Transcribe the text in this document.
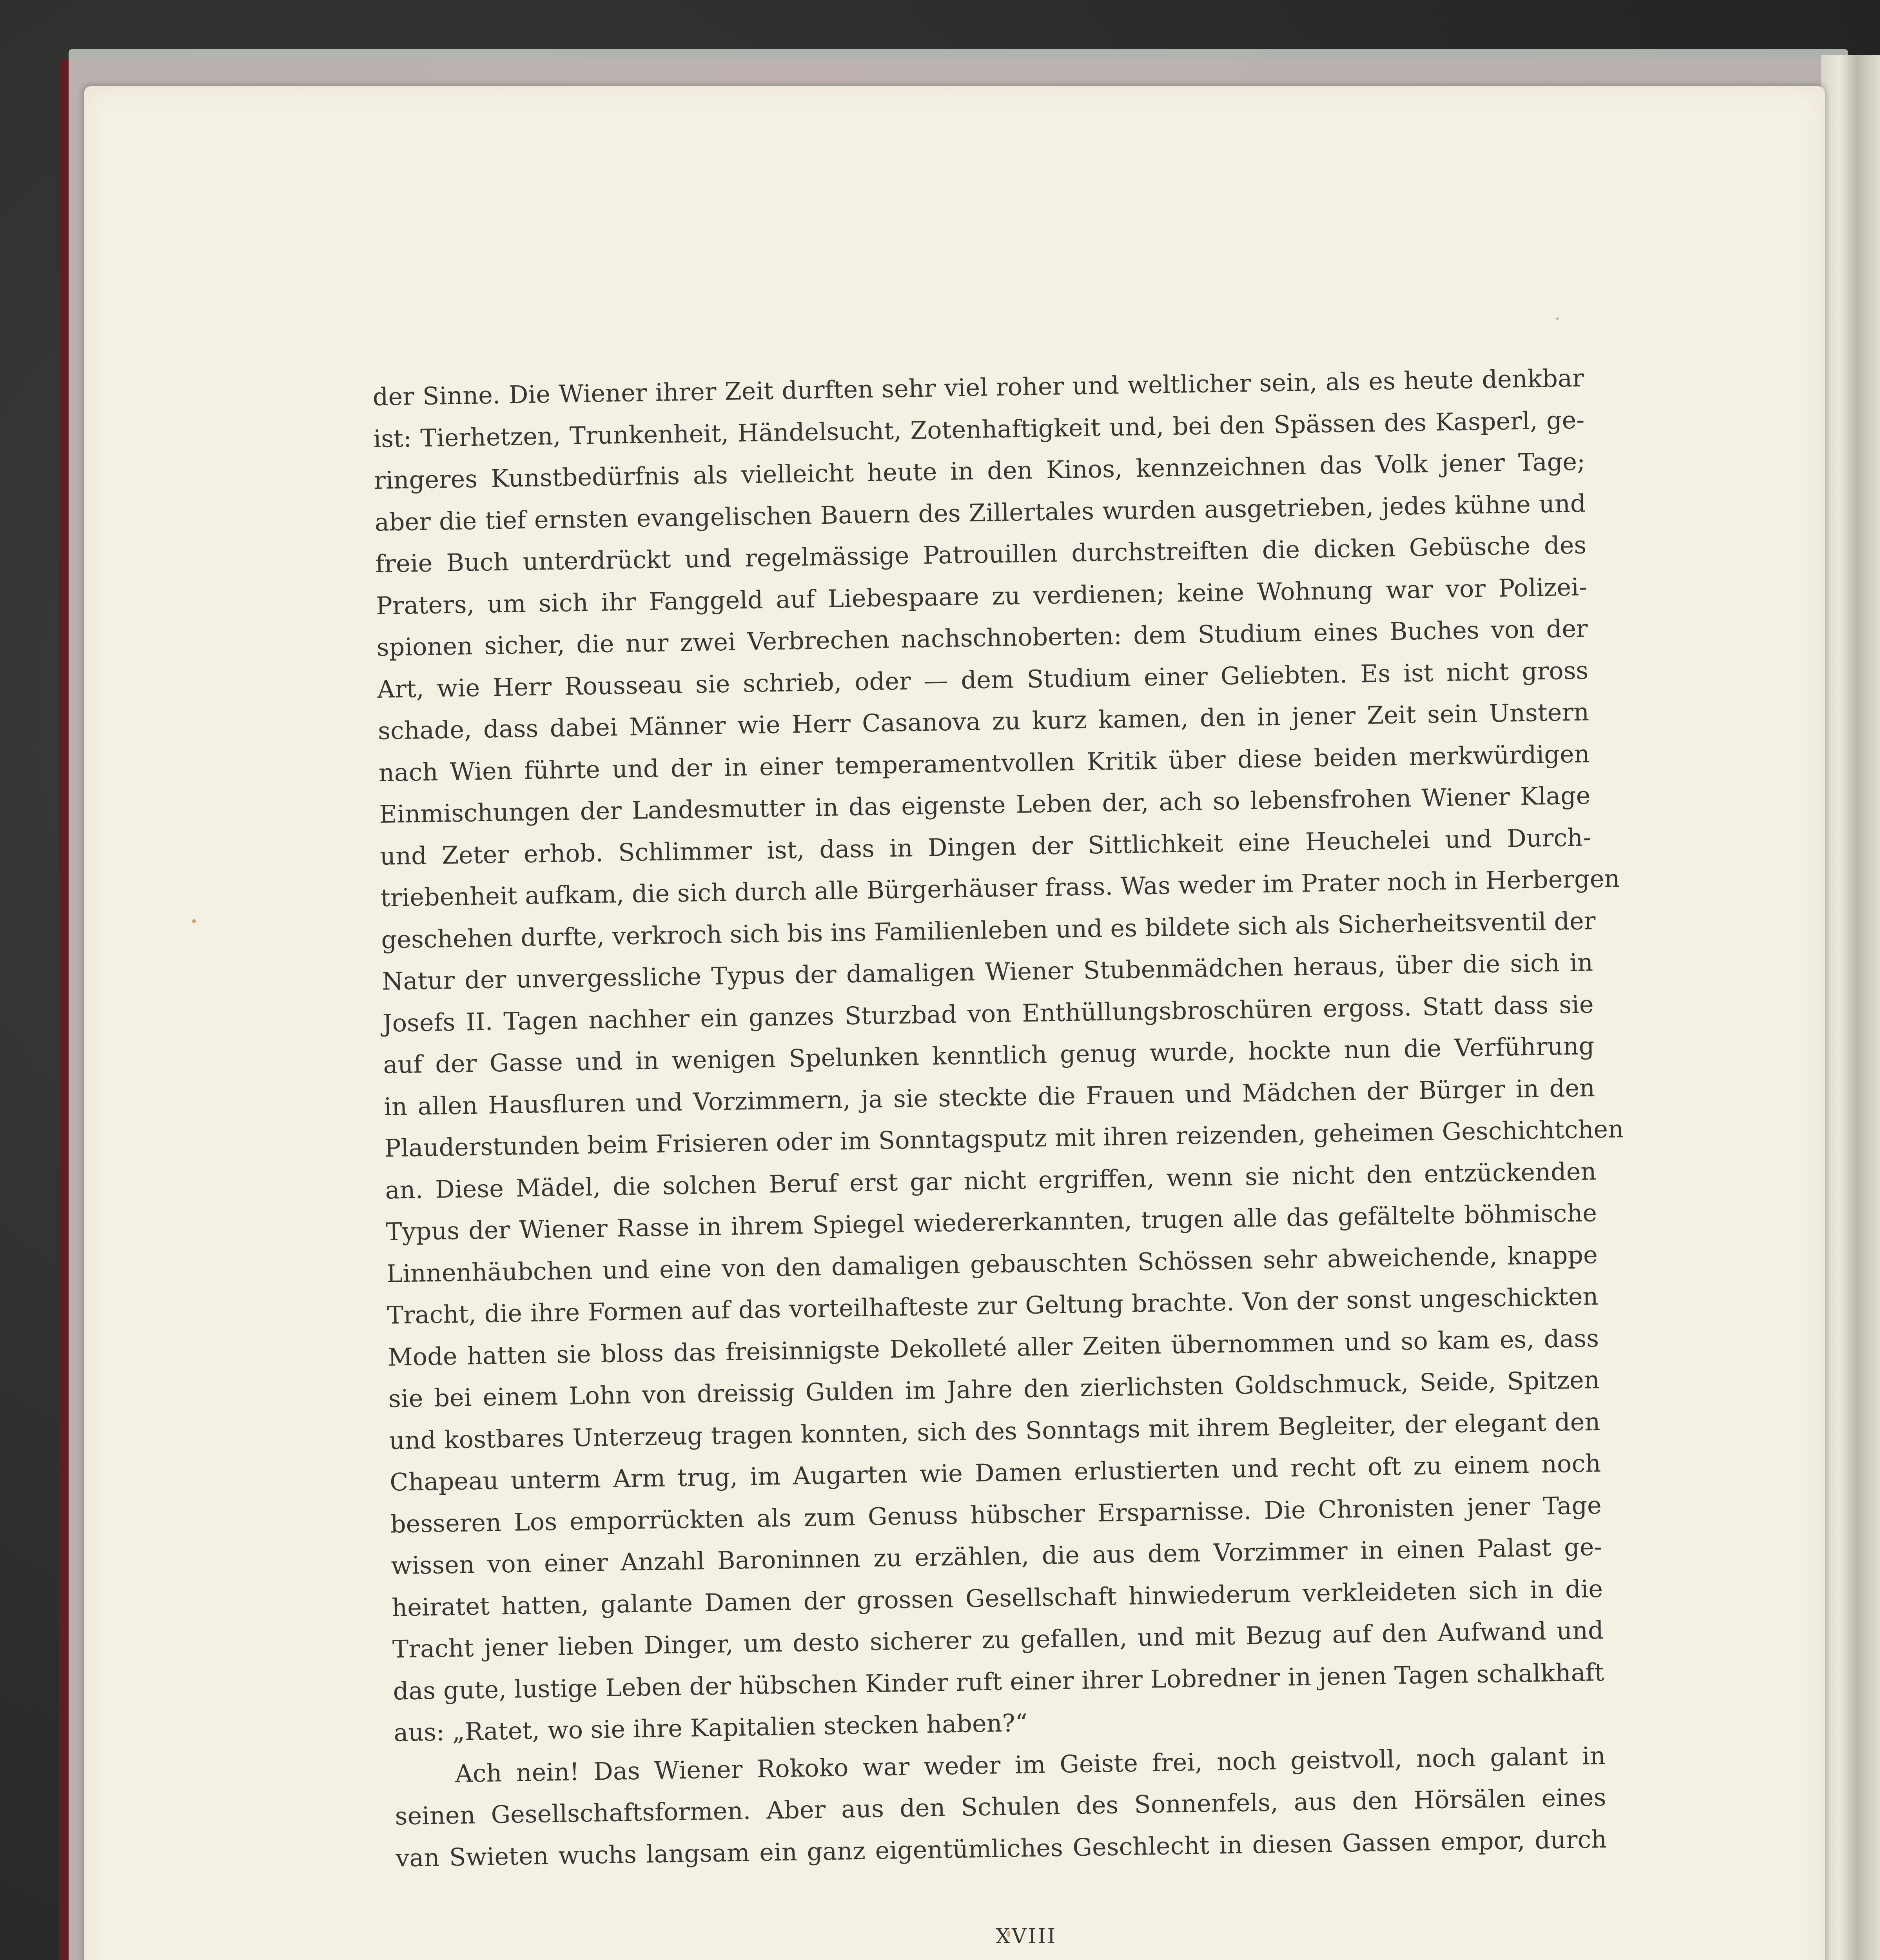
der Sinne. Die Wiener ihrer Zeit durften sehr viel roher und weltlicher sein, als es heute denkbar
ist: Tierhetzen, Trunkenheit, Händelsucht, Zotenhaftigkeit und, bei den Spässen des Kasperl, ge-
ringeres Kunstbedürfnis als vielleicht heute in den Kinos, kennzeichnen das Volk jener Tage;
aber die tief ernsten evangelischen Bauern des Zillertales wurden ausgetrieben, jedes kühne und
freie Buch unterdrückt und regelmässige Patrouillen durchstreiften die dicken Gebüsche des
Praters, um sich ihr Fanggeld auf Liebespaare zu verdienen; keine Wohnung war vor Polizei-
spionen sicher, die nur zwei Verbrechen nachschnoberten: dem Studium eines Buches von der
Art, wie Herr Rousseau sie schrieb, oder — dem Studium einer Geliebten. Es ist nicht gross
schade, dass dabei Männer wie Herr Casanova zu kurz kamen, den in jener Zeit sein Unstern
nach Wien führte und der in einer temperamentvollen Kritik über diese beiden merkwürdigen
Einmischungen der Landesmutter in das eigenste Leben der, ach so lebensfrohen Wiener Klage
und Zeter erhob. Schlimmer ist, dass in Dingen der Sittlichkeit eine Heuchelei und Durch-
triebenheit aufkam, die sich durch alle Bürgerhäuser frass. Was weder im Prater noch in Herbergen
geschehen durfte, verkroch sich bis ins Familienleben und es bildete sich als Sicherheitsventil der
Natur der unvergessliche Typus der damaligen Wiener Stubenmädchen heraus, über die sich in
Josefs II. Tagen nachher ein ganzes Sturzbad von Enthüllungsbroschüren ergoss. Statt dass sie
auf der Gasse und in wenigen Spelunken kenntlich genug wurde, hockte nun die Verführung
in allen Hausfluren und Vorzimmern, ja sie steckte die Frauen und Mädchen der Bürger in den
Plauderstunden beim Frisieren oder im Sonntagsputz mit ihren reizenden, geheimen Geschichtchen
an. Diese Mädel, die solchen Beruf erst gar nicht ergriffen, wenn sie nicht den entzückenden
Typus der Wiener Rasse in ihrem Spiegel wiedererkannten, trugen alle das gefältelte böhmische
Linnenhäubchen und eine von den damaligen gebauschten Schössen sehr abweichende, knappe
Tracht, die ihre Formen auf das vorteilhafteste zur Geltung brachte. Von der sonst ungeschickten
Mode hatten sie bloss das freisinnigste Dekolleté aller Zeiten übernommen und so kam es, dass
sie bei einem Lohn von dreissig Gulden im Jahre den zierlichsten Goldschmuck, Seide, Spitzen
und kostbares Unterzeug tragen konnten, sich des Sonntags mit ihrem Begleiter, der elegant den
Chapeau unterm Arm trug, im Augarten wie Damen erlustierten und recht oft zu einem noch
besseren Los emporrückten als zum Genuss hübscher Ersparnisse. Die Chronisten jener Tage
wissen von einer Anzahl Baroninnen zu erzählen, die aus dem Vorzimmer in einen Palast ge-
heiratet hatten, galante Damen der grossen Gesellschaft hinwiederum verkleideten sich in die
Tracht jener lieben Dinger, um desto sicherer zu gefallen, und mit Bezug auf den Aufwand und
das gute, lustige Leben der hübschen Kinder ruft einer ihrer Lobredner in jenen Tagen schalkhaft
aus: „Ratet, wo sie ihre Kapitalien stecken haben?“
Ach nein! Das Wiener Rokoko war weder im Geiste frei, noch geistvoll, noch galant in
seinen Gesellschaftsformen. Aber aus den Schulen des Sonnenfels, aus den Hörsälen eines
van Swieten wuchs langsam ein ganz eigentümliches Geschlecht in diesen Gassen empor, durch
XVIII
